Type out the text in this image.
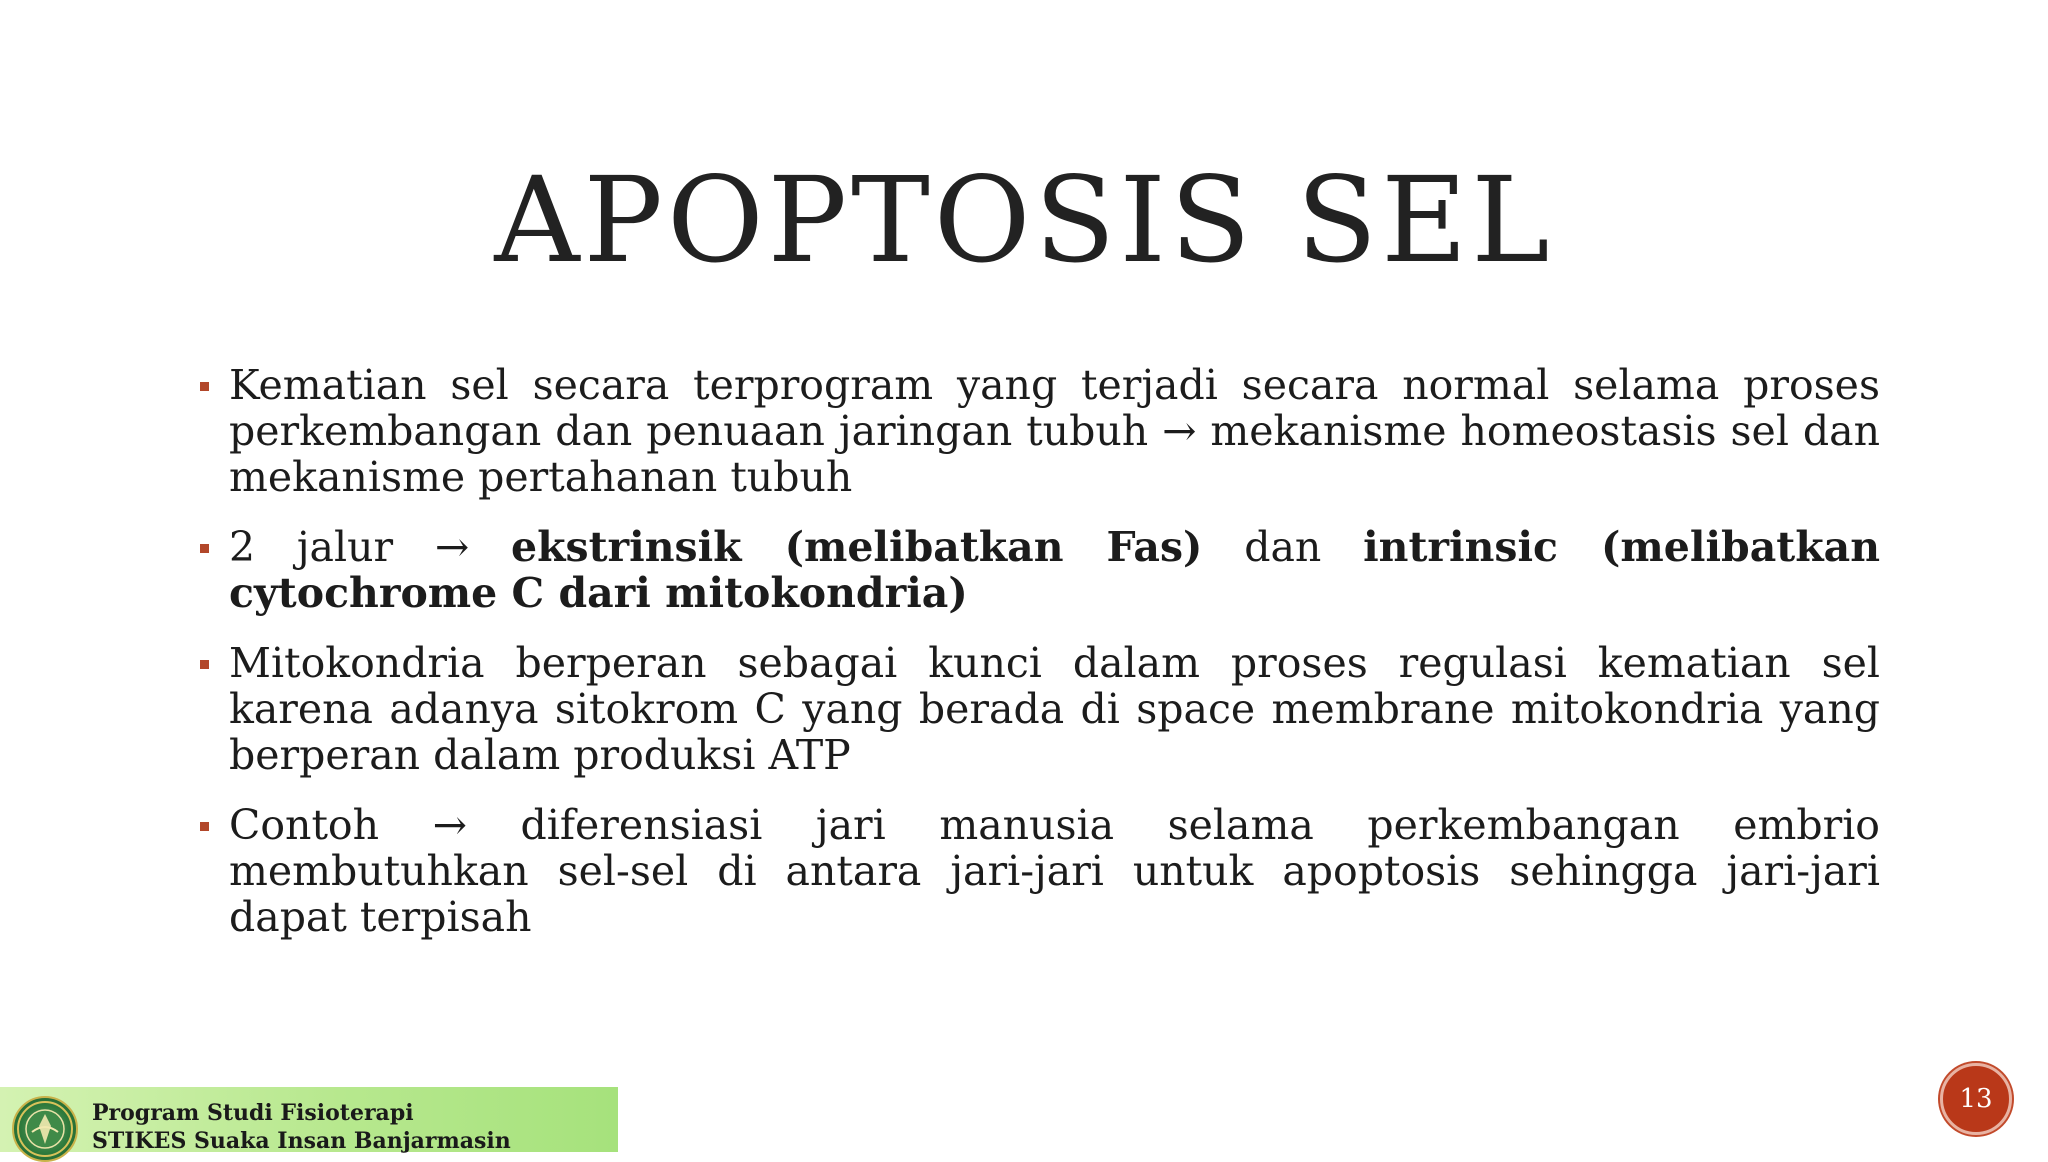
APOPTOSIS SEL
Kematian sel secara terprogram yang terjadi secara normal selama proses perkembangan dan penuaan jaringan tubuh → mekanisme homeostasis sel dan mekanisme pertahanan tubuh
2 jalur → ekstrinsik (melibatkan Fas) dan intrinsic (melibatkan cytochrome C dari mitokondria)
Mitokondria berperan sebagai kunci dalam proses regulasi kematian sel karena adanya sitokrom C yang berada di space membrane mitokondria yang berperan dalam produksi ATP
Contoh → diferensiasi jari manusia selama perkembangan embrio membutuhkan sel-sel di antara jari-jari untuk apoptosis sehingga jari-jari dapat terpisah
Program Studi Fisioterapi
STIKES Suaka Insan Banjarmasin
13
